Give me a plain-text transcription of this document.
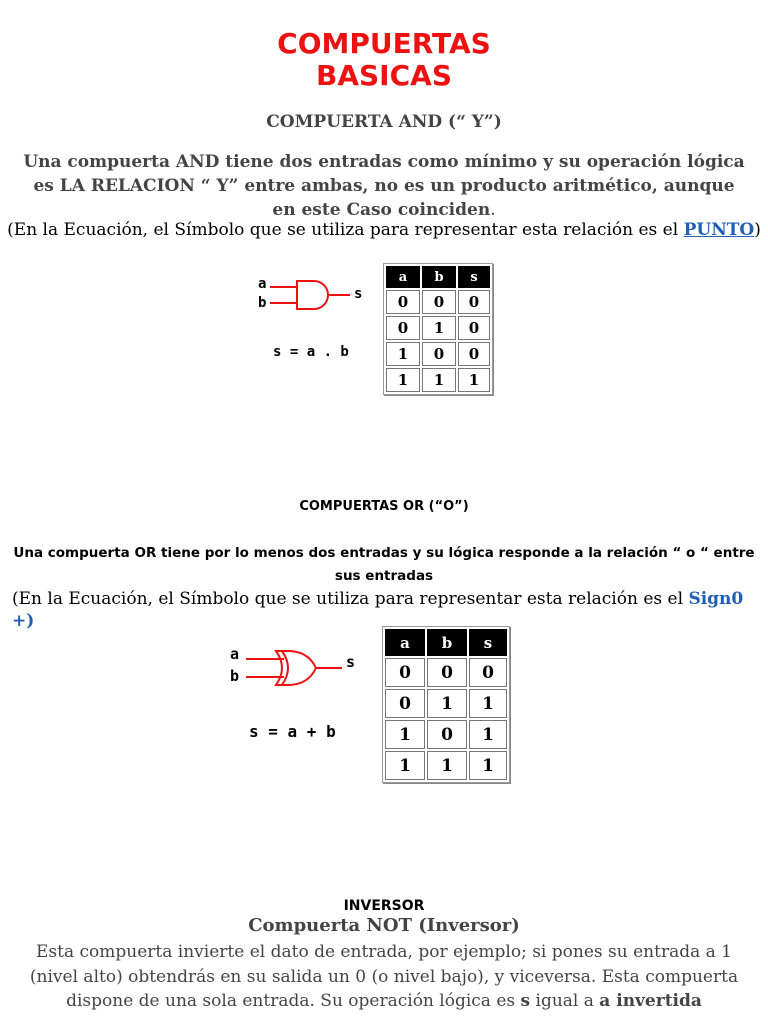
COMPUERTAS
BASICAS
COMPUERTA AND (“ Y”)
Una compuerta AND tiene dos entradas como mínimo y su operación lógica es LA RELACION “ Y” entre ambas, no es un producto aritmético, aunque en este Caso coinciden.
(En la Ecuación, el Símbolo que se utiliza para representar esta relación es el PUNTO)
a
b
s
s = a . b
a	b	s
0	0	0
0	1	0
1	0	0
1	1	1
COMPUERTAS OR (“O”)
Una compuerta OR tiene por lo menos dos entradas y su lógica responde a la relación “ o “ entre sus entradas
(En la Ecuación, el Símbolo que se utiliza para representar esta relación es el Sign0 +)
a
b
s
s = a + b
a	b	s
0	0	0
0	1	1
1	0	1
1	1	1
INVERSOR
Compuerta NOT (Inversor)
Esta compuerta invierte el dato de entrada, por ejemplo; si pones su entrada a 1 (nivel alto) obtendrás en su salida un 0 (o nivel bajo), y viceversa. Esta compuerta dispone de una sola entrada. Su operación lógica es s igual a a invertida
